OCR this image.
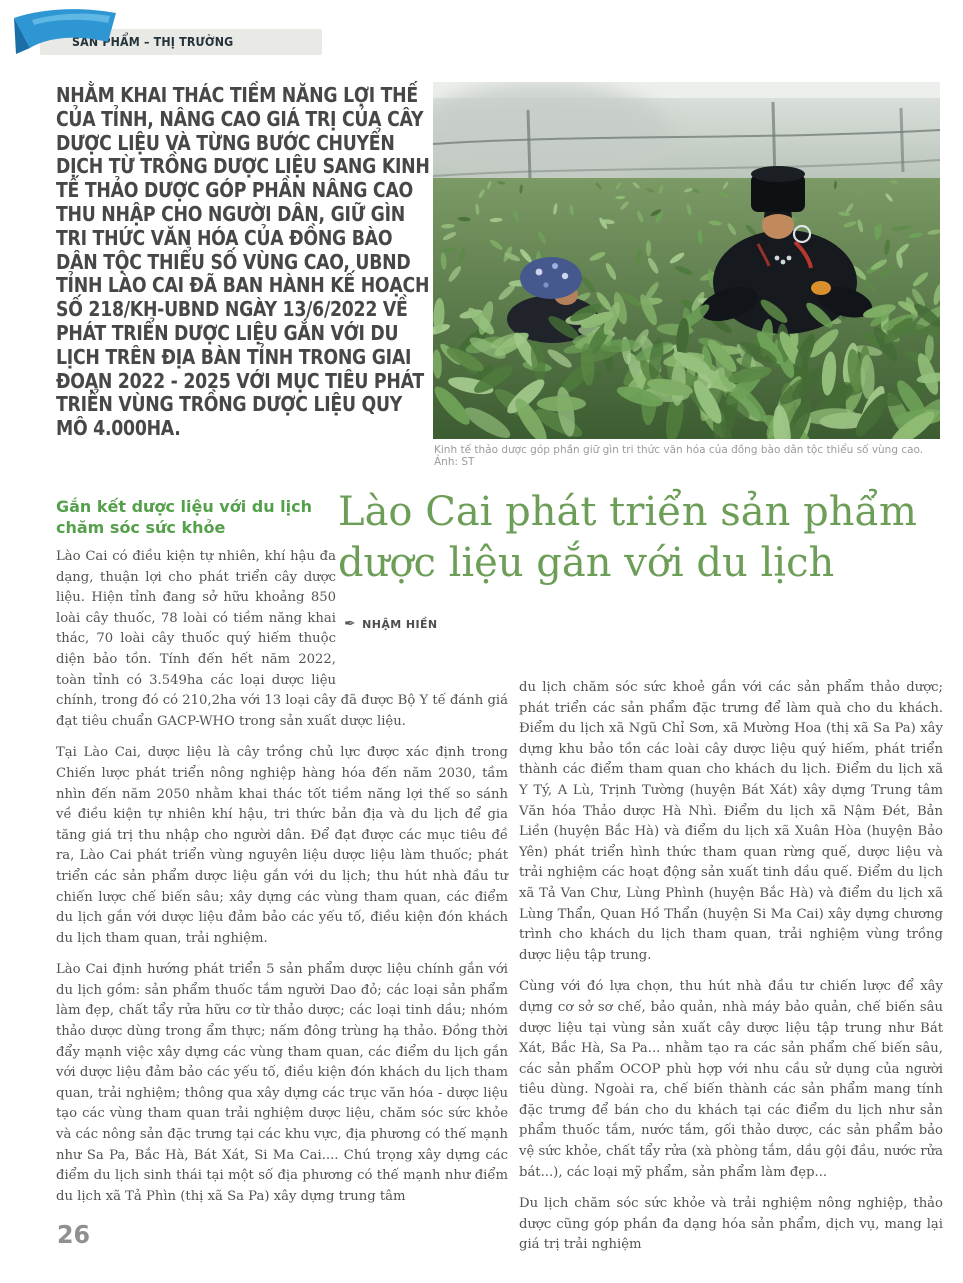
SẢN PHẨM – THỊ TRƯỜNG
NHẰM KHAI THÁC TIỀM NĂNG LỢI THẾ CỦA TỈNH, NÂNG CAO GIÁ TRỊ CỦA CÂY DƯỢC LIỆU VÀ TỪNG BƯỚC CHUYỂN DỊCH TỪ TRỒNG DƯỢC LIỆU SANG KINH TẾ THẢO DƯỢC GÓP PHẦN NÂNG CAO THU NHẬP CHO NGƯỜI DÂN, GIỮ GÌN TRI THỨC VĂN HÓA CỦA ĐỒNG BÀO DÂN TỘC THIỂU SỐ VÙNG CAO, UBND TỈNH LÀO CAI ĐÃ BAN HÀNH KẾ HOẠCH SỐ 218/KH-UBND NGÀY 13/6/2022 VỀ PHÁT TRIỂN DƯỢC LIỆU GẮN VỚI DU LỊCH TRÊN ĐỊA BÀN TỈNH TRONG GIAI ĐOẠN 2022 - 2025 VỚI MỤC TIÊU PHÁT TRIỂN VÙNG TRỒNG DƯỢC LIỆU QUY MÔ 4.000HA.
Kinh tế thảo dược góp phần giữ gìn tri thức văn hóa của đồng bào dân tộc thiểu số vùng cao. Ảnh: ST
Gắn kết dược liệu với du lịch chăm sóc sức khỏe	Lào Cai phát triển sản phẩm dược liệu gắn với du lịch
✒ NHẬM HIỀN

Lào Cai có điều kiện tự nhiên, khí hậu đa dạng, thuận lợi cho phát triển cây dược liệu. Hiện tỉnh đang sở hữu khoảng 850 loài cây thuốc, 78 loài có tiềm năng khai thác, 70 loài cây thuốc quý hiếm thuộc diện bảo tồn. Tính đến hết năm 2022, toàn tỉnh có 3.549ha các loại dược liệu chính, trong đó có 210,2ha với 13 loại cây đã được Bộ Y tế đánh giá đạt tiêu chuẩn GACP-WHO trong sản xuất dược liệu.

Tại Lào Cai, dược liệu là cây trồng chủ lực được xác định trong Chiến lược phát triển nông nghiệp hàng hóa đến năm 2030, tầm nhìn đến năm 2050 nhằm khai thác tốt tiềm năng lợi thế so sánh về điều kiện tự nhiên khí hậu, tri thức bản địa và du lịch để gia tăng giá trị thu nhập cho người dân. Để đạt được các mục tiêu đề ra, Lào Cai phát triển vùng nguyên liệu dược liệu làm thuốc; phát triển các sản phẩm dược liệu gắn với du lịch; thu hút nhà đầu tư chiến lược chế biến sâu; xây dựng các vùng tham quan, các điểm du lịch gắn với dược liệu đảm bảo các yếu tố, điều kiện đón khách du lịch tham quan, trải nghiệm.

Lào Cai định hướng phát triển 5 sản phẩm dược liệu chính gắn với du lịch gồm: sản phẩm thuốc tắm người Dao đỏ; các loại sản phẩm làm đẹp, chất tẩy rửa hữu cơ từ thảo dược; các loại tinh dầu; nhóm thảo dược dùng trong ẩm thực; nấm đông trùng hạ thảo. Đồng thời đẩy mạnh việc xây dựng các vùng tham quan, các điểm du lịch gắn với dược liệu đảm bảo các yếu tố, điều kiện đón khách du lịch tham quan, trải nghiệm; thông qua xây dựng các trục văn hóa - dược liệu tạo các vùng tham quan trải nghiệm dược liệu, chăm sóc sức khỏe và các nông sản đặc trưng tại các khu vực, địa phương có thế mạnh như Sa Pa, Bắc Hà, Bát Xát, Si Ma Cai.... Chú trọng xây dựng các điểm du lịch sinh thái tại một số địa phương có thế mạnh như điểm du lịch xã Tả Phìn (thị xã Sa Pa) xây dựng trung tâm

du lịch chăm sóc sức khoẻ gắn với các sản phẩm thảo dược; phát triển các sản phẩm đặc trưng để làm quà cho du khách. Điểm du lịch xã Ngũ Chỉ Sơn, xã Mường Hoa (thị xã Sa Pa) xây dựng khu bảo tồn các loài cây dược liệu quý hiếm, phát triển thành các điểm tham quan cho khách du lịch. Điểm du lịch xã Y Tý, A Lù, Trịnh Tường (huyện Bát Xát) xây dựng Trung tâm Văn hóa Thảo dược Hà Nhì. Điểm du lịch xã Nậm Đét, Bản Liền (huyện Bắc Hà) và điểm du lịch xã Xuân Hòa (huyện Bảo Yên) phát triển hình thức tham quan rừng quế, dược liệu và trải nghiệm các hoạt động sản xuất tinh dầu quế. Điểm du lịch xã Tả Van Chư, Lùng Phình (huyện Bắc Hà) và điểm du lịch xã Lùng Thẩn, Quan Hồ Thẩn (huyện Si Ma Cai) xây dựng chương trình cho khách du lịch tham quan, trải nghiệm vùng trồng dược liệu tập trung.

Cùng với đó lựa chọn, thu hút nhà đầu tư chiến lược để xây dựng cơ sở sơ chế, bảo quản, nhà máy bảo quản, chế biến sâu dược liệu tại vùng sản xuất cây dược liệu tập trung như Bát Xát, Bắc Hà, Sa Pa... nhằm tạo ra các sản phẩm chế biến sâu, các sản phẩm OCOP phù hợp với nhu cầu sử dụng của người tiêu dùng. Ngoài ra, chế biến thành các sản phẩm mang tính đặc trưng để bán cho du khách tại các điểm du lịch như sản phẩm thuốc tắm, nước tắm, gối thảo dược, các sản phẩm bảo vệ sức khỏe, chất tẩy rửa (xà phòng tắm, dầu gội đầu, nước rửa bát...), các loại mỹ phẩm, sản phẩm làm đẹp...

Du lịch chăm sóc sức khỏe và trải nghiệm nông nghiệp, thảo dược cũng góp phần đa dạng hóa sản phẩm, dịch vụ, mang lại giá trị trải nghiệm

26
